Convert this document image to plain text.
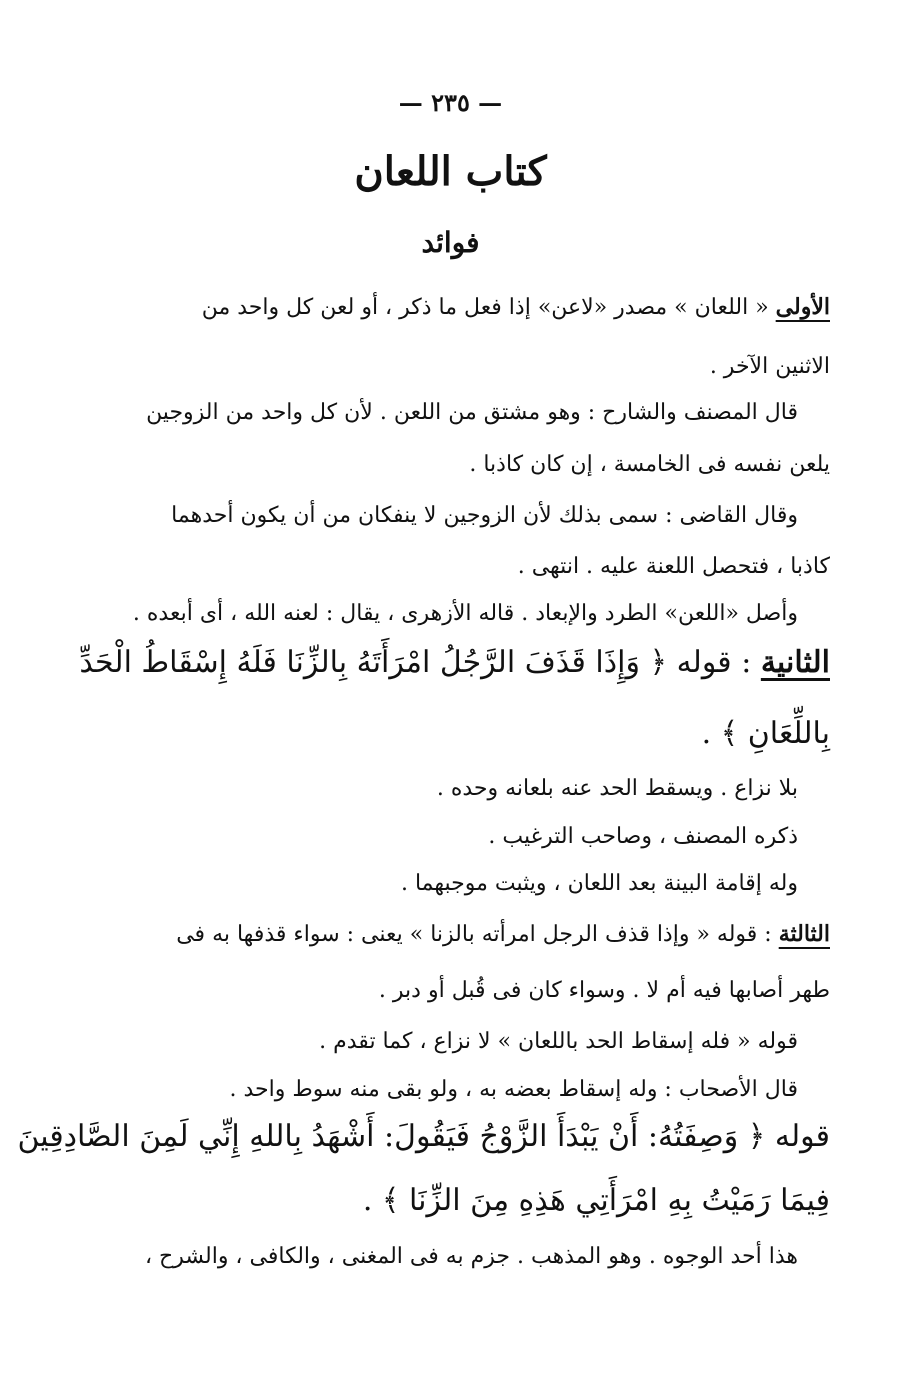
— ٢٣٥ —
كتاب اللعان
فوائد
الأولى « اللعان » مصدر «لاعن» إذا فعل ما ذكر ، أو لعن كل واحد من
الاثنين الآخر .
قال المصنف والشارح : وهو مشتق من اللعن . لأن كل واحد من الزوجين
يلعن نفسه فى الخامسة ، إن كان كاذبا .
وقال القاضى : سمى بذلك لأن الزوجين لا ينفكان من أن يكون أحدهما
كاذبا ، فتحصل اللعنة عليه . انتهى .
وأصل «اللعن» الطرد والإبعاد . قاله الأزهرى ، يقال : لعنه الله ، أى أبعده .
الثانية : قوله ﴿ وَإِذَا قَذَفَ الرَّجُلُ امْرَأَتَهُ بِالزِّنَا فَلَهُ إِسْقَاطُ الْحَدِّ
بِاللِّعَانِ ﴾ .
بلا نزاع . ويسقط الحد عنه بلعانه وحده .
ذكره المصنف ، وصاحب الترغيب .
وله إقامة البينة بعد اللعان ، ويثبت موجبهما .
الثالثة : قوله « وإذا قذف الرجل امرأته بالزنا » يعنى : سواء قذفها به فى
طهر أصابها فيه أم لا . وسواء كان فى قُبل أو دبر .
قوله « فله إسقاط الحد باللعان » لا نزاع ، كما تقدم .
قال الأصحاب : وله إسقاط بعضه به ، ولو بقى منه سوط واحد .
قوله ﴿ وَصِفَتُهُ: أَنْ يَبْدَأَ الزَّوْجُ فَيَقُولَ: أَشْهَدُ بِاللهِ إِنِّي لَمِنَ الصَّادِقِينَ
فِيمَا رَمَيْتُ بِهِ امْرَأَتِي هَذِهِ مِنَ الزِّنَا ﴾ .
هذا أحد الوجوه . وهو المذهب . جزم به فى المغنى ، والكافى ، والشرح ،
